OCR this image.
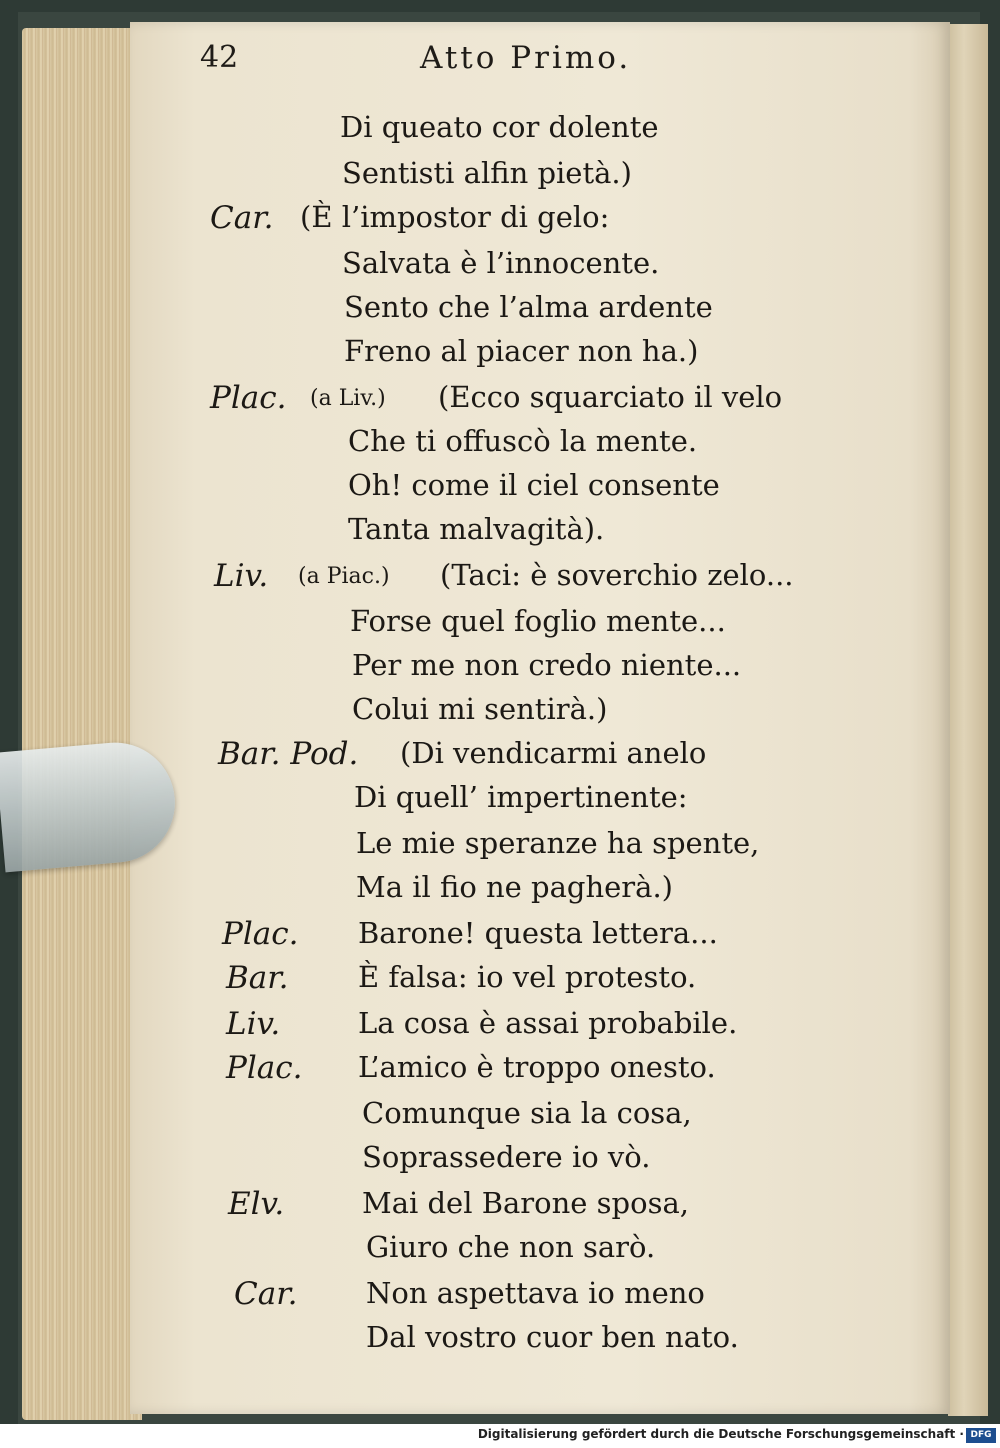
42	Atto Primo.
Di queato cor dolente
Sentisti alfin pietà.)
Car. (È l’impostor di gelo:
Salvata è l’innocente.
Sento che l’alma ardente
Freno al piacer non ha.)
Plac. (a Liv.) (Ecco squarciato il velo
Che ti offuscò la mente.
Oh! come il ciel consente
Tanta malvagità).
Liv. (a Piac.) (Taci: è soverchio zelo...
Forse quel foglio mente...
Per me non credo niente...
Colui mi sentirà.)
Bar. Pod. (Di vendicarmi anelo
Di quell’ impertinente:
Le mie speranze ha spente,
Ma il fio ne pagherà.)
Plac. Barone! questa lettera...
Bar. È falsa: io vel protesto.
Liv.	La cosa è assai probabile.
Plac. L’amico è troppo onesto.
Comunque sia la cosa,
Soprassedere io vò.
Elv.	Mai del Barone sposa,
Giuro che non sarò.
Car. Non aspettava io meno
Dal vostro cuor ben nato.
Digitalisierung gefördert durch die Deutsche Forschungsgemeinschaft · DFG
